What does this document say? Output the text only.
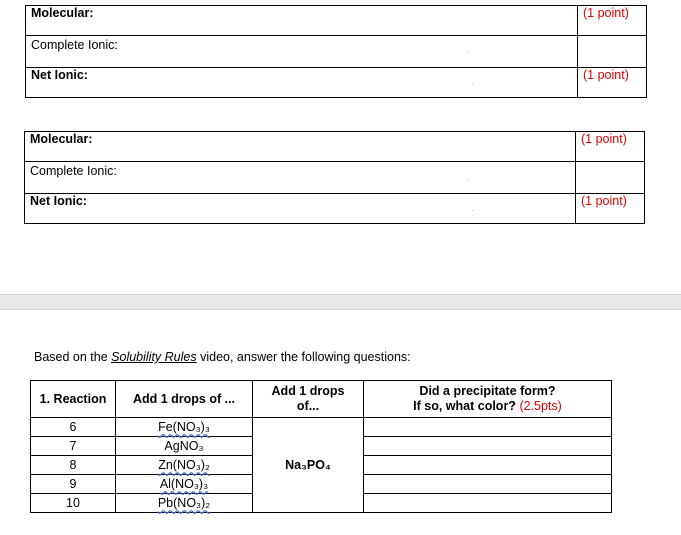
Molecular:	(1 point)
Complete Ionic:	
Net Ionic:	(1 point)
Molecular:	(1 point)
Complete Ionic:	
Net Ionic:	(1 point)
Based on the Solubility Rules video, answer the following questions:
1. Reaction	Add 1 drops of ...	Add 1 drops
of...	Did a precipitate form?
If so, what color? (2.5pts)
6	Fe(NO₃)₃	Na₃PO₄	
7	AgNO₃		
8	Zn(NO₃)₂		
9	Al(NO₃)₃		
10	Pb(NO₃)₂		
